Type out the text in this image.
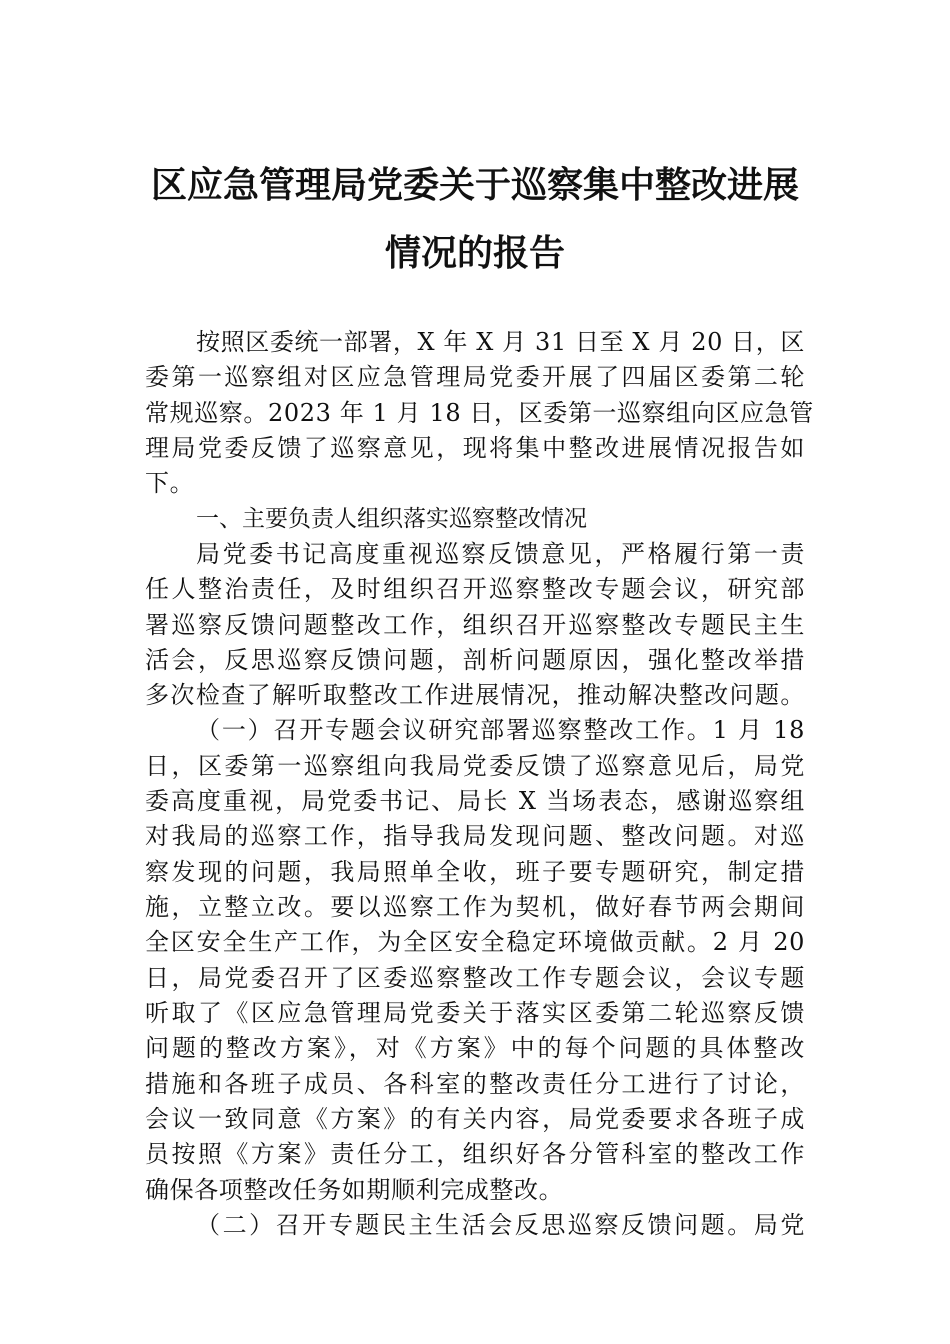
区应急管理局党委关于巡察集中整改进展
情况的报告
按照区委统一部署，X 年 X 月 31 日至 X 月 20 日，区
委第一巡察组对区应急管理局党委开展了四届区委第二轮
常规巡察。2023 年 1 月 18 日，区委第一巡察组向区应急管
理局党委反馈了巡察意见，现将集中整改进展情况报告如
下。
一、主要负责人组织落实巡察整改情况
局党委书记高度重视巡察反馈意见，严格履行第一责
任人整治责任，及时组织召开巡察整改专题会议，研究部
署巡察反馈问题整改工作，组织召开巡察整改专题民主生
活会，反思巡察反馈问题，剖析问题原因，强化整改举措
多次检查了解听取整改工作进展情况，推动解决整改问题。
（一）召开专题会议研究部署巡察整改工作。1 月 18
日，区委第一巡察组向我局党委反馈了巡察意见后，局党
委高度重视，局党委书记、局长 X 当场表态，感谢巡察组
对我局的巡察工作，指导我局发现问题、整改问题。对巡
察发现的问题，我局照单全收，班子要专题研究，制定措
施，立整立改。要以巡察工作为契机，做好春节两会期间
全区安全生产工作，为全区安全稳定环境做贡献。2 月 20
日，局党委召开了区委巡察整改工作专题会议，会议专题
听取了《区应急管理局党委关于落实区委第二轮巡察反馈
问题的整改方案》，对《方案》中的每个问题的具体整改
措施和各班子成员、各科室的整改责任分工进行了讨论，
会议一致同意《方案》的有关内容，局党委要求各班子成
员按照《方案》责任分工，组织好各分管科室的整改工作
确保各项整改任务如期顺利完成整改。
（二）召开专题民主生活会反思巡察反馈问题。局党
